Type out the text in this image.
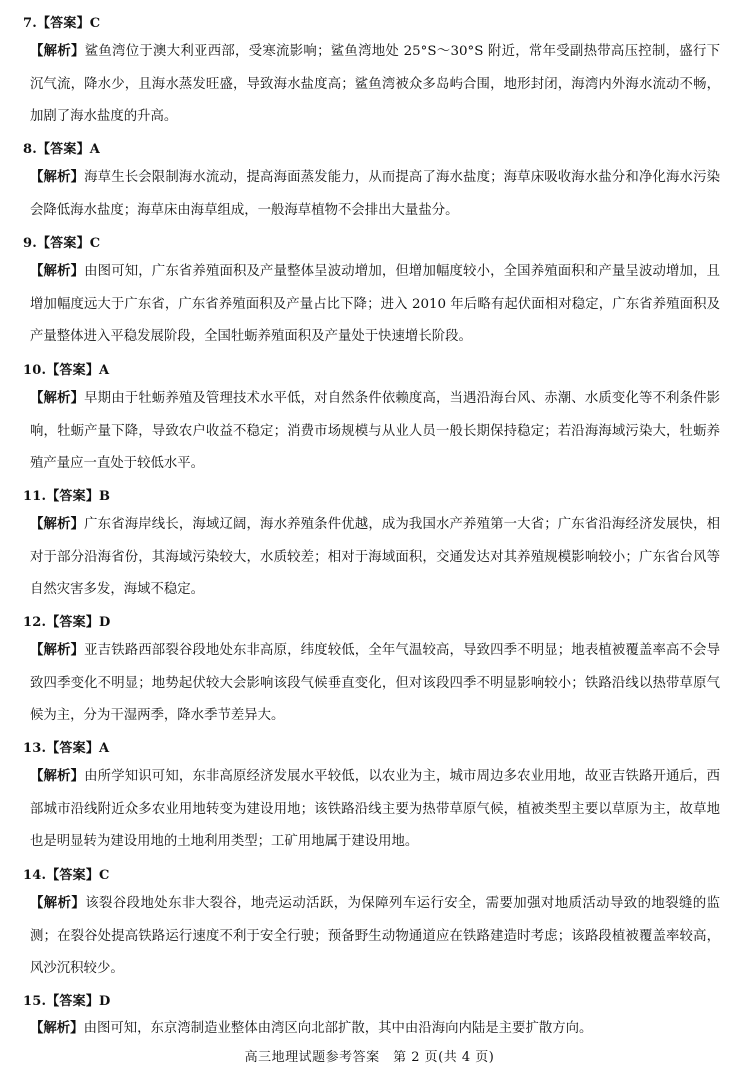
7.【答案】C
【解析】鲨鱼湾位于澳大利亚西部，受寒流影响；鲨鱼湾地处 25°S～30°S 附近，常年受副热带高压控制，盛行下沉气流，降水少，且海水蒸发旺盛，导致海水盐度高；鲨鱼湾被众多岛屿合围，地形封闭，海湾内外海水流动不畅，加剧了海水盐度的升高。
8.【答案】A
【解析】海草生长会限制海水流动，提高海面蒸发能力，从而提高了海水盐度；海草床吸收海水盐分和净化海水污染会降低海水盐度；海草床由海草组成，一般海草植物不会排出大量盐分。
9.【答案】C
【解析】由图可知，广东省养殖面积及产量整体呈波动增加，但增加幅度较小，全国养殖面积和产量呈波动增加，且增加幅度远大于广东省，广东省养殖面积及产量占比下降；进入 2010 年后略有起伏面相对稳定，广东省养殖面积及产量整体进入平稳发展阶段，全国牡蛎养殖面积及产量处于快速增长阶段。
10.【答案】A
【解析】早期由于牡蛎养殖及管理技术水平低，对自然条件依赖度高，当遇沿海台风、赤潮、水质变化等不利条件影响，牡蛎产量下降，导致农户收益不稳定；消费市场规模与从业人员一般长期保持稳定；若沿海海域污染大，牡蛎养殖产量应一直处于较低水平。
11.【答案】B
【解析】广东省海岸线长，海域辽阔，海水养殖条件优越，成为我国水产养殖第一大省；广东省沿海经济发展快，相对于部分沿海省份，其海域污染较大，水质较差；相对于海域面积，交通发达对其养殖规模影响较小；广东省台风等自然灾害多发，海域不稳定。
12.【答案】D
【解析】亚吉铁路西部裂谷段地处东非高原，纬度较低，全年气温较高，导致四季不明显；地表植被覆盖率高不会导致四季变化不明显；地势起伏较大会影响该段气候垂直变化，但对该段四季不明显影响较小；铁路沿线以热带草原气候为主，分为干湿两季，降水季节差异大。
13.【答案】A
【解析】由所学知识可知，东非高原经济发展水平较低，以农业为主，城市周边多农业用地，故亚吉铁路开通后，西部城市沿线附近众多农业用地转变为建设用地；该铁路沿线主要为热带草原气候，植被类型主要以草原为主，故草地也是明显转为建设用地的土地利用类型；工矿用地属于建设用地。
14.【答案】C
【解析】该裂谷段地处东非大裂谷，地壳运动活跃，为保障列车运行安全，需要加强对地质活动导致的地裂缝的监测；在裂谷处提高铁路运行速度不利于安全行驶；预备野生动物通道应在铁路建造时考虑；该路段植被覆盖率较高，风沙沉积较少。
15.【答案】D
【解析】由图可知，东京湾制造业整体由湾区向北部扩散，其中由沿海向内陆是主要扩散方向。
高三地理试题参考答案　第 2 页(共 4 页)
